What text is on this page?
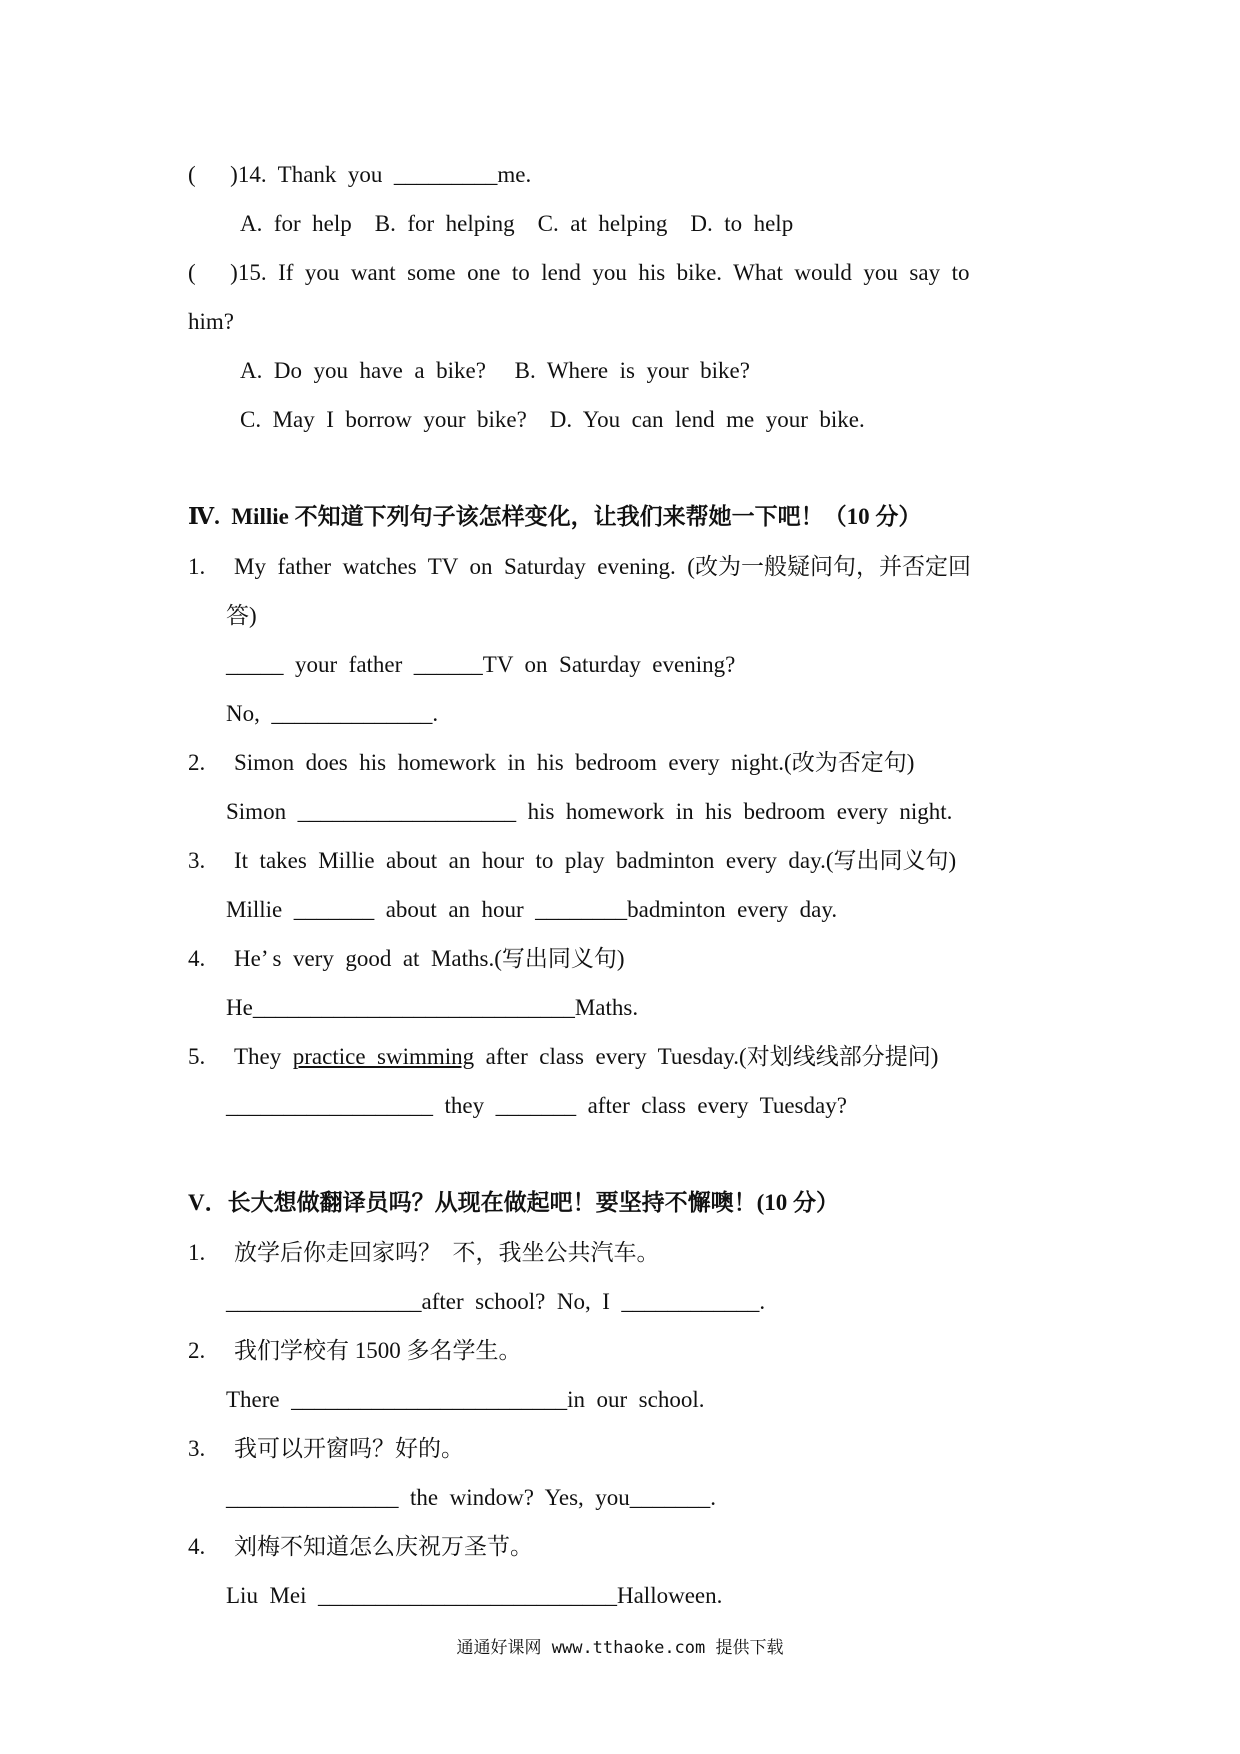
(      )14.  Thank  you  _________me.
A.  for  help    B.  for  helping    C.  at  helping    D.  to  help
(      )15.  If  you  want  some  one  to  lend  you  his  bike.  What  would  you  say  to
him?
A.  Do  you  have  a  bike?     B.  Where  is  your  bike?
C.  May  I  borrow  your  bike?    D.  You  can  lend  me  your  bike.
Ⅳ.  Millie 不知道下列句子该怎样变化，让我们来帮她一下吧！（10 分）
1. My  father  watches  TV  on  Saturday  evening.  (改为一般疑问句，并否定回
答)
_____  your  father  ______TV  on  Saturday  evening?
No,  ______________.
2. Simon  does  his  homework  in  his  bedroom  every  night.(改为否定句)
Simon  ___________________  his  homework  in  his  bedroom  every  night.
3. It  takes  Millie  about  an  hour  to  play  badminton  every  day.(写出同义句)
Millie  _______  about  an  hour  ________badminton  every  day.
4. He’ s  very  good  at  Maths.(写出同义句)
He____________________________Maths.
5. They  practice  swimming  after  class  every  Tuesday.(对划线线部分提问)
__________________  they  _______  after  class  every  Tuesday?
V．长大想做翻译员吗？从现在做起吧！要坚持不懈噢！(10 分）
1. 放学后你走回家吗？  不，我坐公共汽车。
_________________after  school?  No,  I  ____________.
2. 我们学校有 1500 多名学生。
There  ________________________in  our  school.
3. 我可以开窗吗？好的。
_______________  the  window?  Yes,  you_______.
4. 刘梅不知道怎么庆祝万圣节。
Liu  Mei  __________________________Halloween.
通通好课网 www.tthaoke.com 提供下载
